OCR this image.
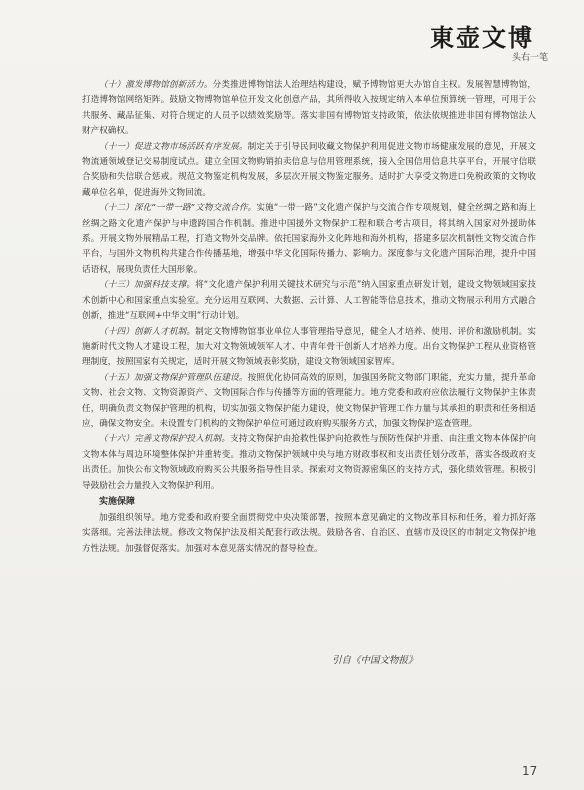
東壶文博
头右一笔

（十）激发博物馆创新活力。分类推进博物馆法人治理结构建设，赋予博物馆更大办馆自主权。发展智慧博物馆，打造博物馆网络矩阵。鼓励文物博物馆单位开发文化创意产品，其所得收入按规定纳入本单位预算统一管理，可用于公共服务、藏品征集、对符合规定的人员予以绩效奖励等。落实非国有博物馆支持政策，依法依规推进非国有博物馆法人财产权确权。

（十一）促进文物市场活跃有序发展。制定关于引导民间收藏文物保护利用促进文物市场健康发展的意见，开展文物流通领域登记交易制度试点。建立全国文物购销拍卖信息与信用管理系统，接入全国信用信息共享平台，开展守信联合奖励和失信联合惩戒。规范文物鉴定机构发展，多层次开展文物鉴定服务。适时扩大享受文物进口免税政策的文物收藏单位名单，促进海外文物回流。

（十二）深化“一带一路”文物交流合作。实施“一带一路”文化遗产保护与交流合作专项规划，健全丝绸之路和海上丝绸之路文化遗产保护与申遗跨国合作机制。推进中国援外文物保护工程和联合考古项目，将其纳入国家对外援助体系。开展文物外展精品工程，打造文物外交品牌。依托国家海外文化阵地和海外机构，搭建多层次机制性文物交流合作平台，与国外文物机构共建合作传播基地，增强中华文化国际传播力、影响力。深度参与文化遗产国际治理，提升中国话语权，展现负责任大国形象。

（十三）加强科技支撑。将“文化遗产保护利用关键技术研究与示范”纳入国家重点研发计划，建设文物领域国家技术创新中心和国家重点实验室。充分运用互联网、大数据、云计算、人工智能等信息技术，推动文物展示利用方式融合创新，推进“互联网+中华文明”行动计划。

（十四）创新人才机制。制定文物博物馆事业单位人事管理指导意见，健全人才培养、使用、评价和激励机制。实施新时代文物人才建设工程，加大对文物领域领军人才、中青年骨干创新人才培养力度。出台文物保护工程从业资格管理制度，按照国家有关规定，适时开展文物领域表彰奖励，建设文物领域国家智库。

（十五）加强文物保护管理队伍建设。按照优化协同高效的原则，加强国务院文物部门职能，充实力量，提升革命文物、社会文物、文物资源资产、文物国际合作与传播等方面的管理能力。地方党委和政府应依法履行文物保护主体责任，明确负责文物保护管理的机构，切实加强文物保护能力建设，使文物保护管理工作力量与其承担的职责和任务相适应，确保文物安全。未设置专门机构的文物保护单位可通过政府购买服务方式，加强文物保护巡查管理。

（十六）完善文物保护投入机制。支持文物保护由抢救性保护向抢救性与预防性保护并重、由注重文物本体保护向文物本体与周边环境整体保护并重转变。推动文物保护领域中央与地方财政事权和支出责任划分改革，落实各级政府支出责任。加快公布文物领域政府购买公共服务指导性目录。探索对文物资源密集区的支持方式，强化绩效管理。积极引导鼓励社会力量投入文物保护利用。

实施保障

加强组织领导。地方党委和政府要全面贯彻党中央决策部署，按照本意见确定的文物改革目标和任务，着力抓好落实落细。完善法律法规。修改文物保护法及相关配套行政法规。鼓励各省、自治区、直辖市及设区的市制定文物保护地方性法规。加强督促落实。加强对本意见落实情况的督导检查。

引自《中国文物报》
17
